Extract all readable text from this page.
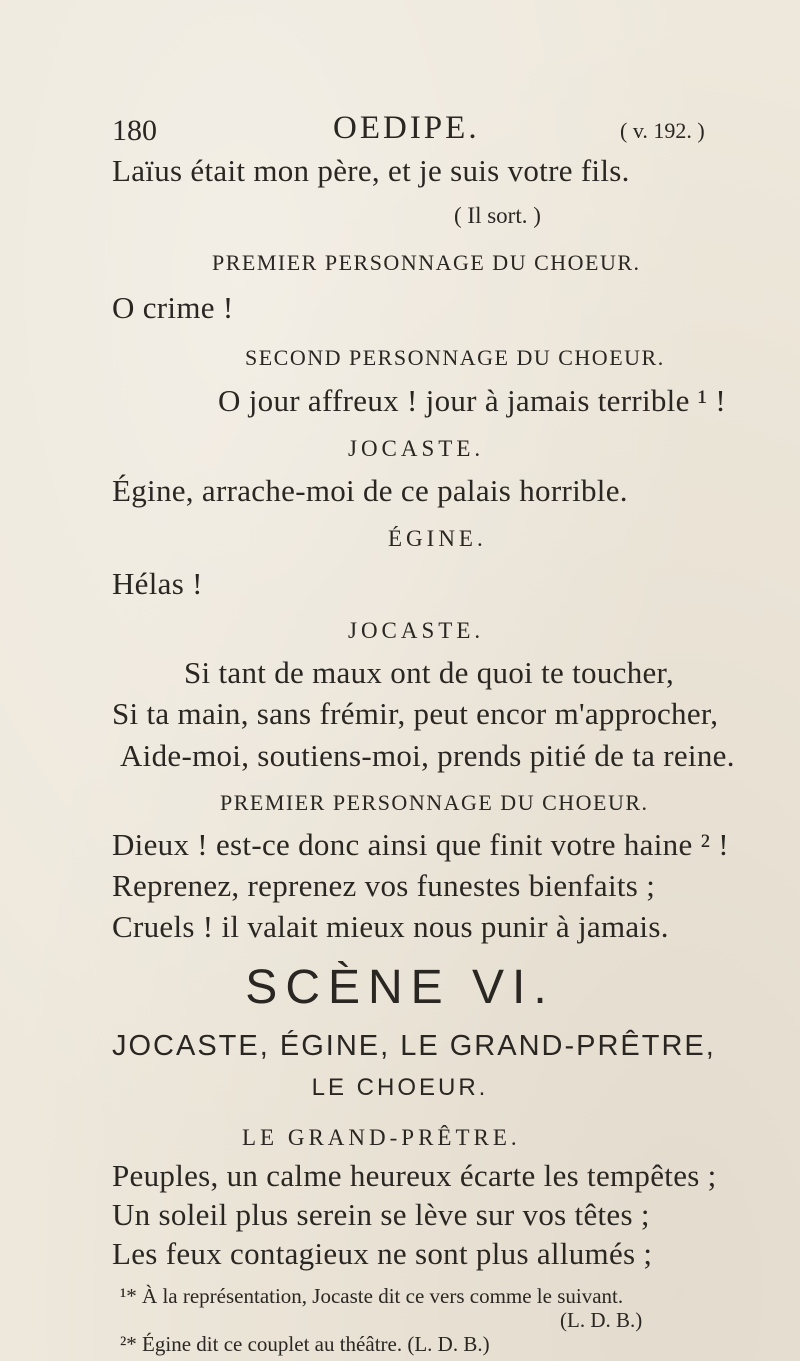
180	OEDIPE.	( v. 192. )
Laïus était mon père, et je suis votre fils.
( Il sort. )
PREMIER PERSONNAGE DU CHOEUR.
O crime !
SECOND PERSONNAGE DU CHOEUR.
O jour affreux ! jour à jamais terrible ¹ !
JOCASTE.
Égine, arrache-moi de ce palais horrible.
ÉGINE.
Hélas !
JOCASTE.
Si tant de maux ont de quoi te toucher,
Si ta main, sans frémir, peut encor m'approcher,
Aide-moi, soutiens-moi, prends pitié de ta reine.
PREMIER PERSONNAGE DU CHOEUR.
Dieux ! est-ce donc ainsi que finit votre haine ² !
Reprenez, reprenez vos funestes bienfaits ;
Cruels ! il valait mieux nous punir à jamais.
SCÈNE VI.
JOCASTE, ÉGINE, LE GRAND-PRÊTRE,
LE CHOEUR.
LE GRAND-PRÊTRE.
Peuples, un calme heureux écarte les tempêtes ;
Un soleil plus serein se lève sur vos têtes ;
Les feux contagieux ne sont plus allumés ;
¹* À la représentation, Jocaste dit ce vers comme le suivant.
(L. D. B.)
²* Égine dit ce couplet au théâtre. (L. D. B.)
